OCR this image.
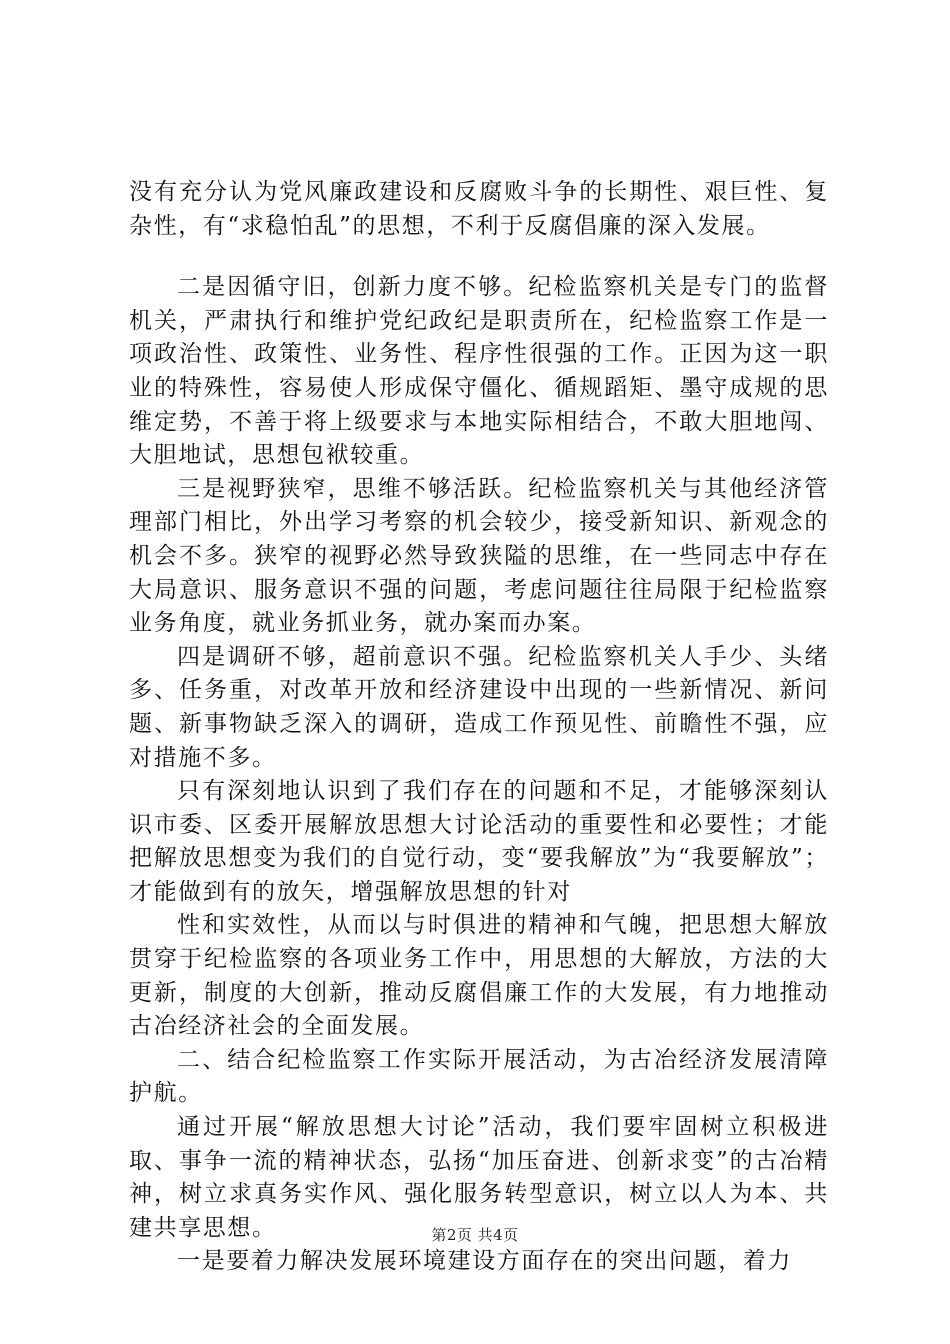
没有充分认为党风廉政建设和反腐败斗争的长期性、艰巨性、复杂性，有“求稳怕乱”的思想，不利于反腐倡廉的深入发展。

二是因循守旧，创新力度不够。纪检监察机关是专门的监督机关，严肃执行和维护党纪政纪是职责所在，纪检监察工作是一项政治性、政策性、业务性、程序性很强的工作。正因为这一职业的特殊性，容易使人形成保守僵化、循规蹈矩、墨守成规的思维定势，不善于将上级要求与本地实际相结合，不敢大胆地闯、大胆地试，思想包袱较重。

三是视野狭窄，思维不够活跃。纪检监察机关与其他经济管理部门相比，外出学习考察的机会较少，接受新知识、新观念的机会不多。狭窄的视野必然导致狭隘的思维，在一些同志中存在大局意识、服务意识不强的问题，考虑问题往往局限于纪检监察业务角度，就业务抓业务，就办案而办案。

四是调研不够，超前意识不强。纪检监察机关人手少、头绪多、任务重，对改革开放和经济建设中出现的一些新情况、新问题、新事物缺乏深入的调研，造成工作预见性、前瞻性不强，应对措施不多。

只有深刻地认识到了我们存在的问题和不足，才能够深刻认识市委、区委开展解放思想大讨论活动的重要性和必要性；才能把解放思想变为我们的自觉行动，变“要我解放”为“我要解放”；才能做到有的放矢，增强解放思想的针对

性和实效性，从而以与时俱进的精神和气魄，把思想大解放贯穿于纪检监察的各项业务工作中，用思想的大解放，方法的大更新，制度的大创新，推动反腐倡廉工作的大发展，有力地推动古冶经济社会的全面发展。

二、结合纪检监察工作实际开展活动，为古冶经济发展清障护航。

通过开展“解放思想大讨论”活动，我们要牢固树立积极进取、事争一流的精神状态，弘扬“加压奋进、创新求变”的古冶精神，树立求真务实作风、强化服务转型意识，树立以人为本、共建共享思想。

一是要着力解决发展环境建设方面存在的突出问题，着力

第2页 共4页
